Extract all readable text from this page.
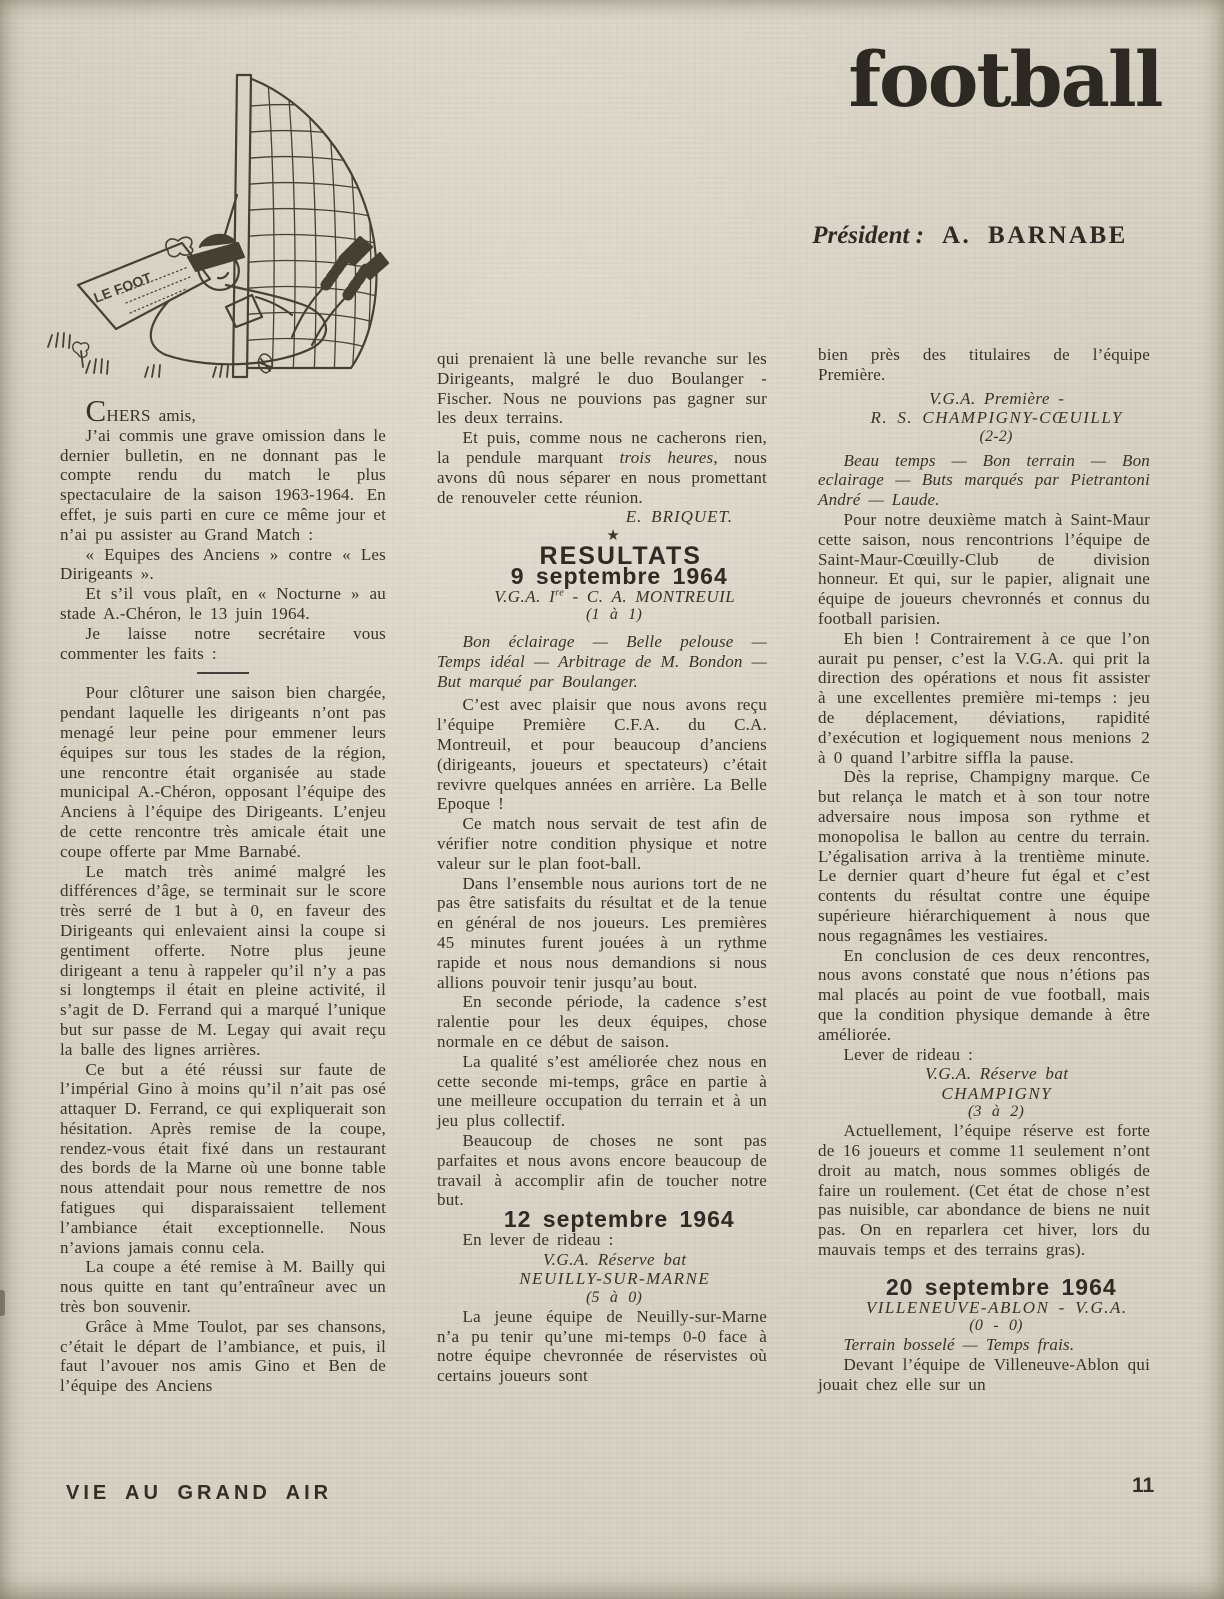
LE FOOT
football
Président : A. BARNABE

CHERS amis,

J’ai commis une grave omission dans le dernier bulletin, en ne donnant pas le compte rendu du match le plus spectaculaire de la saison 1963-1964. En effet, je suis parti en cure ce même jour et n’ai pu assister au Grand Match :

« Equipes des Anciens » contre « Les Dirigeants ».

Et s’il vous plaît, en « Nocturne » au stade A.-Chéron, le 13 juin 1964.

Je laisse notre secrétaire vous commenter les faits :

Pour clôturer une saison bien chargée, pendant laquelle les dirigeants n’ont pas menagé leur peine pour emmener leurs équipes sur tous les stades de la région, une rencontre était organisée au stade municipal A.-Chéron, opposant l’équipe des Anciens à l’équipe des Dirigeants. L’enjeu de cette rencontre très amicale était une coupe offerte par Mme Barnabé.

Le match très animé malgré les différences d’âge, se terminait sur le score très serré de 1 but à 0, en faveur des Dirigeants qui enlevaient ainsi la coupe si gentiment offerte. Notre plus jeune dirigeant a tenu à rappeler qu’il n’y a pas si longtemps il était en pleine activité, il s’agit de D. Ferrand qui a marqué l’unique but sur passe de M. Legay qui avait reçu la balle des lignes arrières.

Ce but a été réussi sur faute de l’impérial Gino à moins qu’il n’ait pas osé attaquer D. Ferrand, ce qui expliquerait son hésitation. Après remise de la coupe, rendez-vous était fixé dans un restaurant des bords de la Marne où une bonne table nous attendait pour nous remettre de nos fatigues qui disparaissaient tellement l’ambiance était exceptionnelle. Nous n’avions jamais connu cela.

La coupe a été remise à M. Bailly qui nous quitte en tant qu’entraîneur avec un très bon souvenir.

Grâce à Mme Toulot, par ses chansons, c’était le départ de l’ambiance, et puis, il faut l’avouer nos amis Gino et Ben de l’équipe des Anciens

qui prenaient là une belle revanche sur les Dirigeants, malgré le duo Boulanger - Fischer. Nous ne pouvions pas gagner sur les deux terrains.

Et puis, comme nous ne cacherons rien, la pendule marquant trois heures, nous avons dû nous séparer en nous promettant de renouveler cette réunion.

E. BRIQUET.

★

RESULTATS

9 septembre 1964

V.G.A. Ire - C. A. MONTREUIL

(1 à 1)

Bon éclairage — Belle pelouse — Temps idéal — Arbitrage de M. Bondon — But marqué par Boulanger.

C’est avec plaisir que nous avons reçu l’équipe Première C.F.A. du C.A. Montreuil, et pour beaucoup d’anciens (dirigeants, joueurs et spectateurs) c’était revivre quelques années en arrière. La Belle Epoque !

Ce match nous servait de test afin de vérifier notre condition physique et notre valeur sur le plan foot-ball.

Dans l’ensemble nous aurions tort de ne pas être satisfaits du résultat et de la tenue en général de nos joueurs. Les premières 45 minutes furent jouées à un rythme rapide et nous nous demandions si nous allions pouvoir tenir jusqu’au bout.

En seconde période, la cadence s’est ralentie pour les deux équipes, chose normale en ce début de saison.

La qualité s’est améliorée chez nous en cette seconde mi-temps, grâce en partie à une meilleure occupation du terrain et à un jeu plus collectif.

Beaucoup de choses ne sont pas parfaites et nous avons encore beaucoup de travail à accomplir afin de toucher notre but.

12 septembre 1964

En lever de rideau :

V.G.A. Réserve bat

NEUILLY-SUR-MARNE

(5 à 0)

La jeune équipe de Neuilly-sur-Marne n’a pu tenir qu’une mi-temps 0-0 face à notre équipe chevronnée de réservistes où certains joueurs sont

bien près des titulaires de l’équipe Première.

V.G.A. Première -

R. S. CHAMPIGNY-CŒUILLY

(2-2)

Beau temps — Bon terrain — Bon eclairage — Buts marqués par Pietrantoni André — Laude.

Pour notre deuxième match à Saint-Maur cette saison, nous rencontrions l’équipe de Saint-Maur-Cœuilly-Club de division honneur. Et qui, sur le papier, alignait une équipe de joueurs chevronnés et connus du football parisien.

Eh bien ! Contrairement à ce que l’on aurait pu penser, c’est la V.G.A. qui prit la direction des opérations et nous fit assister à une excellentes première mi-temps : jeu de déplacement, déviations, rapidité d’exécution et logiquement nous menions 2 à 0 quand l’arbitre siffla la pause.

Dès la reprise, Champigny marque. Ce but relança le match et à son tour notre adversaire nous imposa son rythme et monopolisa le ballon au centre du terrain. L’égalisation arriva à la trentième minute. Le dernier quart d’heure fut égal et c’est contents du résultat contre une équipe supérieure hiérarchiquement à nous que nous regagnâmes les vestiaires.

En conclusion de ces deux rencontres, nous avons constaté que nous n’étions pas mal placés au point de vue football, mais que la condition physique demande à être améliorée.

Lever de rideau :

V.G.A. Réserve bat

CHAMPIGNY

(3 à 2)

Actuellement, l’équipe réserve est forte de 16 joueurs et comme 11 seulement n’ont droit au match, nous sommes obligés de faire un roulement. (Cet état de chose n’est pas nuisible, car abondance de biens ne nuit pas. On en reparlera cet hiver, lors du mauvais temps et des terrains gras).

20 septembre 1964

VILLENEUVE-ABLON - V.G.A.

(0 - 0)

Terrain bosselé — Temps frais.

Devant l’équipe de Villeneuve-Ablon qui jouait chez elle sur un

VIE AU GRAND AIR	11
